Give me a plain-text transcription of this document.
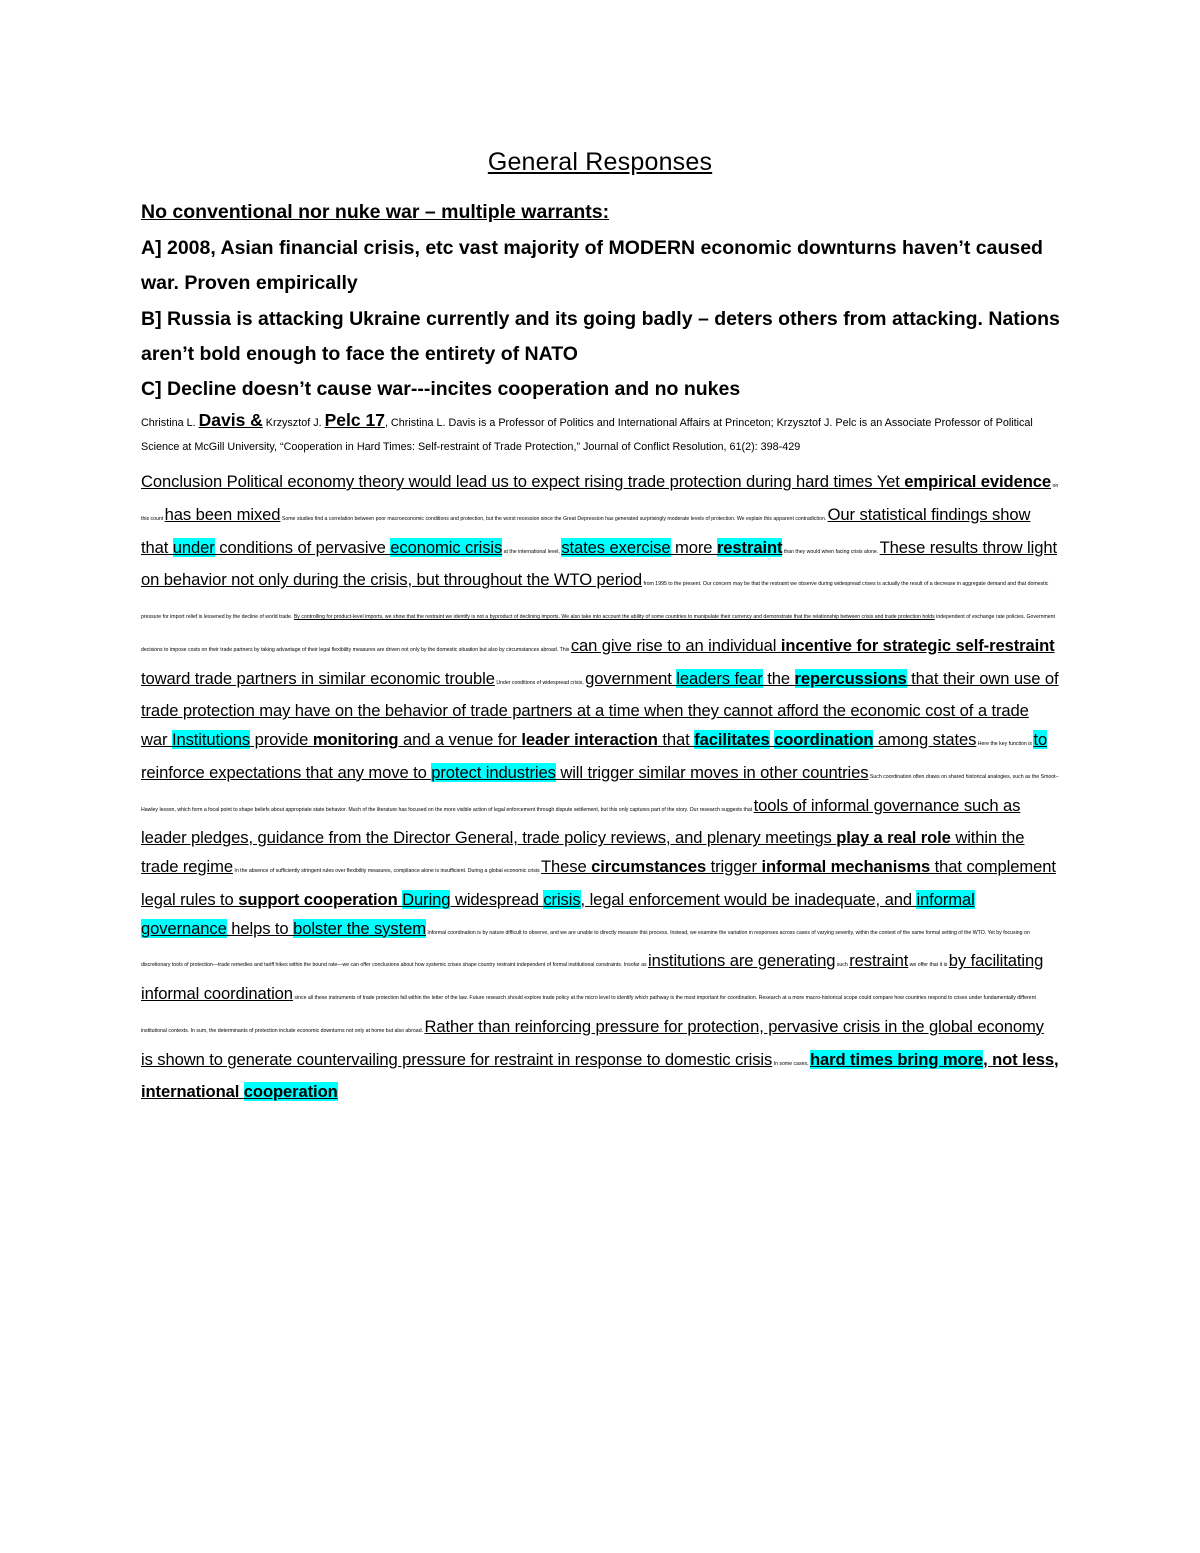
General Responses

No conventional nor nuke war – multiple warrants:

A] 2008, Asian financial crisis, etc vast majority of MODERN economic downturns haven’t caused war. Proven empirically

B] Russia is attacking Ukraine currently and its going badly – deters others from attacking. Nations aren’t bold enough to face the entirety of NATO

C] Decline doesn’t cause war---incites cooperation and no nukes

Christina L. Davis & Krzysztof J. Pelc 17, Christina L. Davis is a Professor of Politics and International Affairs at Princeton; Krzysztof J. Pelc is an Associate Professor of Political Science at McGill University, “Cooperation in Hard Times: Self-restraint of Trade Protection,” Journal of Conflict Resolution, 61(2): 398-429

Conclusion Political economy theory would lead us to expect rising trade protection during hard times Yet empirical evidence on this count has been mixed Some studies find a correlation between poor macroeconomic conditions and protection, but the worst recession since the Great Depression has generated surprisingly moderate levels of protection. We explain this apparent contradiction. Our statistical findings show that under conditions of pervasive economic crisis at the international level, states exercise more restraint than they would when facing crisis alone. These results throw light on behavior not only during the crisis, but throughout the WTO period from 1995 to the present. Our concern may be that the restraint we observe during widespread crises is actually the result of a decrease in aggregate demand and that domestic pressure for import relief is lessened by the decline of world trade. By controlling for product-level imports, we show that the restraint we identify is not a byproduct of declining imports. We also take into account the ability of some countries to manipulate their currency and demonstrate that the relationship between crisis and trade protection holds independent of exchange rate policies. Government decisions to impose costs on their trade partners by taking advantage of their legal flexibility measures are driven not only by the domestic situation but also by circumstances abroad. This can give rise to an individual incentive for strategic self-restraint toward trade partners in similar economic trouble Under conditions of widespread crisis, government leaders fear the repercussions that their own use of trade protection may have on the behavior of trade partners at a time when they cannot afford the economic cost of a trade war Institutions provide monitoring and a venue for leader interaction that facilitates coordination among states Here the key function is to reinforce expectations that any move to protect industries will trigger similar moves in other countries Such coordination often draws on shared historical analogies, such as the Smoot–Hawley lesson, which form a focal point to shape beliefs about appropriate state behavior. Much of the literature has focused on the more visible action of legal enforcement through dispute settlement, but this only captures part of the story. Our research suggests that tools of informal governance such as leader pledges, guidance from the Director General, trade policy reviews, and plenary meetings play a real role within the trade regime In the absence of sufficiently stringent rules over flexibility measures, compliance alone is insufficient. During a global economic crisis These circumstances trigger informal mechanisms that complement legal rules to support cooperation During widespread crisis, legal enforcement would be inadequate, and informal governance helps to bolster the system Informal coordination is by nature difficult to observe, and we are unable to directly measure this process. Instead, we examine the variation in responses across cases of varying severity, within the context of the same formal setting of the WTO. Yet by focusing on discretionary tools of protection—trade remedies and tariff hikes within the bound rate—we can offer conclusions about how systemic crises shape country restraint independent of formal institutional constraints. Insofar as institutions are generating such restraint we offer that it is by facilitating informal coordination since all these instruments of trade protection fall within the letter of the law. Future research should explore trade policy at the micro level to identify which pathway is the most important for coordination. Research at a more macro-historical scope could compare how countries respond to crises under fundamentally different institutional contexts. In sum, the determinants of protection include economic downturns not only at home but also abroad. Rather than reinforcing pressure for protection, pervasive crisis in the global economy is shown to generate countervailing pressure for restraint in response to domestic crisis In some cases, hard times bring more, not less, international cooperation
